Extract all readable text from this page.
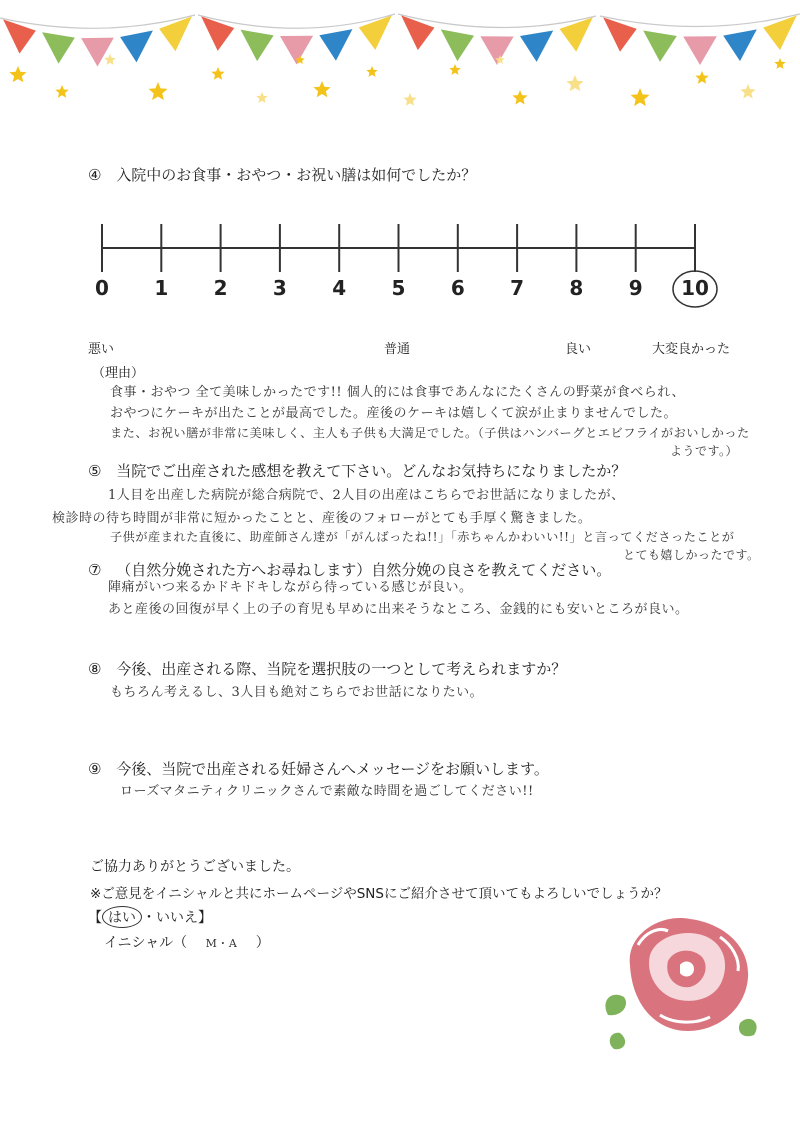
④ 入院中のお食事・おやつ・お祝い膳は如何でしたか？
0	1	2	3	4	5	6	7	8	9	10
悪い	普通	良い	大変良かった
（理由）
食事・おやつ 全て美味しかったです!! 個人的には食事であんなにたくさんの野菜が食べられ、
おやつにケーキが出たことが最高でした。産後のケーキは嬉しくて涙が止まりませんでした。
また、お祝い膳が非常に美味しく、主人も子供も大満足でした。（子供はハンバーグとエビフライがおいしかった
ようです。）
⑤ 当院でご出産された感想を教えて下さい。どんなお気持ちになりましたか？
1人目を出産した病院が総合病院で、2人目の出産はこちらでお世話になりましたが、
検診時の待ち時間が非常に短かったことと、産後のフォローがとても手厚く驚きました。
子供が産まれた直後に、助産師さん達が「がんばったね!!」「赤ちゃんかわいい!!」と言ってくださったことが
とても嬉しかったです。
⑦ （自然分娩された方へお尋ねします）自然分娩の良さを教えてください。
陣痛がいつ来るかドキドキしながら待っている感じが良い。
あと産後の回復が早く上の子の育児も早めに出来そうなところ、金銭的にも安いところが良い。
⑧ 今後、出産される際、当院を選択肢の一つとして考えられますか？
もちろん考えるし、3人目も絶対こちらでお世話になりたい。
⑨ 今後、当院で出産される妊婦さんへメッセージをお願いします。
ローズマタニティクリニックさんで素敵な時間を過ごしてください!!
ご協力ありがとうございました。
※ご意見をイニシャルと共にホームページやSNSにご紹介させて頂いてもよろしいでしょうか？
【 はい ・いいえ】
イニシャル（ M・A ）
